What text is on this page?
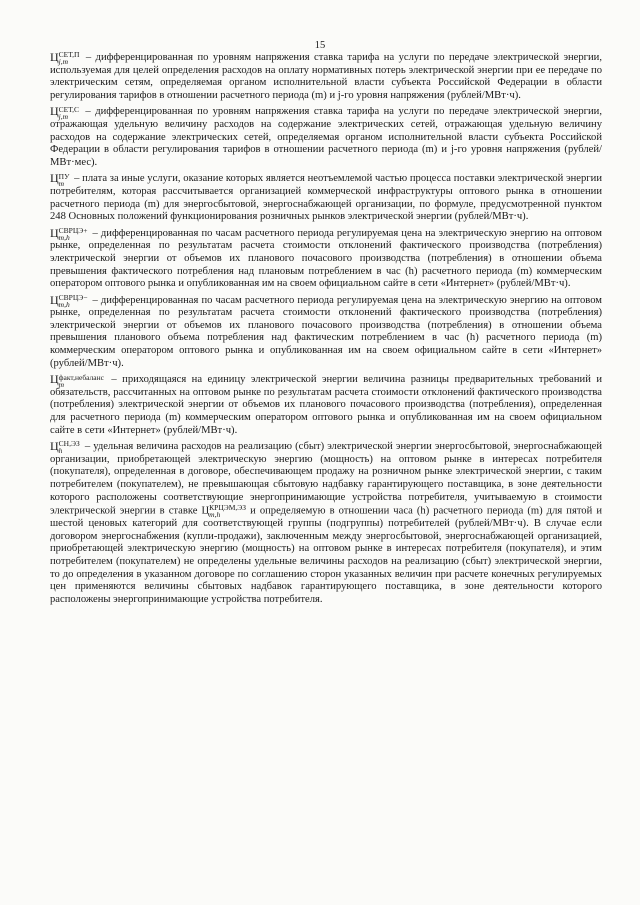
15

Ц СЕТ,П
j,m	– дифференцированная по уровням напряжения ставка тарифа на услуги по передаче электрической энергии, используемая для целей определения расходов на оплату нормативных потерь электрической энергии при ее передаче по электрическим сетям, определяемая органом исполнительной власти субъекта Российской Федерации в области регулирования тарифов в отношении расчетного периода (m) и j-го уровня напряжения (рублей/МВт·ч).

Ц СЕТ,С
j,m	– дифференцированная по уровням напряжения ставка тарифа на услуги по передаче электрической энергии, отражающая удельную величину расходов на содержание электрических сетей, отражающая удельную величину расходов на содержание электрических сетей, определяемая органом исполнительной власти субъекта Российской Федерации в области регулирования тарифов в отношении расчетного периода (m) и j-го уровня напряжения (рублей/МВт·мес).

Ц ПУ
m – плата за иные услуги, оказание которых является неотъемлемой частью процесса поставки электрической энергии потребителям, которая рассчитывается организацией коммерческой инфраструктуры оптового рынка в отношении расчетного периода (m) для энергосбытовой, энергоснабжающей организации, по формуле, предусмотренной пунктом 248 Основных положений функционирования розничных рынков электрической энергии (рублей/МВт·ч).

Ц СВРЦЭ+
m,h	– дифференцированная по часам расчетного периода регулируемая цена на электрическую энергию на оптовом рынке, определенная по результатам расчета стоимости отклонений фактического производства (потребления) электрической энергии от объемов их планового почасового производства (потребления) в отношении объема превышения фактического потребления над плановым потреблением в час (h) расчетного периода (m) коммерческим оператором оптового рынка и опубликованная им на своем официальном сайте в сети «Интернет» (рублей/МВт·ч).

Ц СВРЦЭ−
m,h	– дифференцированная по часам расчетного периода регулируемая цена на электрическую энергию на оптовом рынке, определенная по результатам расчета стоимости отклонений фактического производства (потребления) электрической энергии от объемов их планового почасового производства (потребления) в отношении объема превышения планового объема потребления над фактическим потреблением в час (h) расчетного периода (m) коммерческим оператором оптового рынка и опубликованная им на своем официальном сайте в сети «Интернет» (рублей/МВт·ч).

Ц факт,небаланс
m	– приходящаяся на единицу электрической энергии величина разницы предварительных требований и обязательств, рассчитанных на оптовом рынке по результатам расчета стоимости отклонений фактического производства (потребления) электрической энергии от объемов их планового почасового производства (потребления), определенная для расчетного периода (m) коммерческим оператором оптового рынка и опубликованная им на своем официальном сайте в сети «Интернет» (рублей/МВт·ч).

Ц СН,ЭЗ
h	– удельная величина расходов на реализацию (сбыт) электрической энергии энергосбытовой, энергоснабжающей организации, приобретающей электрическую энергию (мощность) на оптовом рынке в интересах потребителя (покупателя), определенная в договоре, обеспечивающем продажу на розничном рынке электрической энергии, с таким потребителем (покупателем), не превышающая сбытовую надбавку гарантирующего поставщика, в зоне деятельности которого расположены соответствующие энергопринимающие устройства потребителя, учитываемую в стоимости электрической энергии в ставке Ц КРЦЭМ,ЭЗ
m,h	и определяемую в отношении часа (h) расчетного периода (m) для пятой и шестой ценовых категорий для соответствующей группы (подгруппы) потребителей (рублей/МВт·ч). В случае если договором энергоснабжения (купли-продажи), заключенным между энергосбытовой, энергоснабжающей организацией, приобретающей электрическую энергию (мощность) на оптовом рынке в интересах потребителя (покупателя), и этим потребителем (покупателем) не определены удельные величины расходов на реализацию (сбыт) электрической энергии, то до определения в указанном договоре по соглашению сторон указанных величин при расчете конечных регулируемых цен применяются величины сбытовых надбавок гарантирующего поставщика, в зоне деятельности которого расположены энергопринимающие устройства потребителя.
